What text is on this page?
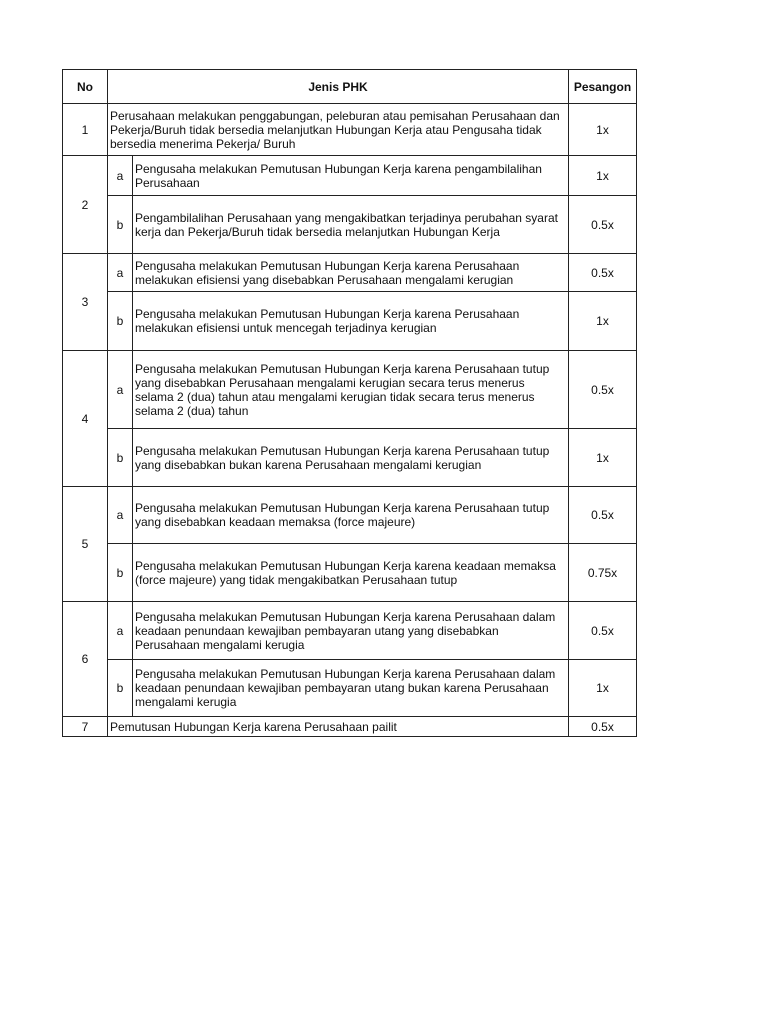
No	Jenis PHK		Pesangon
1	Perusahaan melakukan penggabungan, peleburan atau pemisahan Perusahaan dan Pekerja/Buruh tidak bersedia melanjutkan Hubungan Kerja atau Pengusaha tidak bersedia menerima Pekerja/ Buruh		1x
2	a	Pengusaha melakukan Pemutusan Hubungan Kerja karena pengambilalihan Perusahaan	1x
	b	Pengambilalihan Perusahaan yang mengakibatkan terjadinya perubahan syarat kerja dan Pekerja/Buruh tidak bersedia melanjutkan Hubungan Kerja	0.5x
3	a	Pengusaha melakukan Pemutusan Hubungan Kerja karena Perusahaan melakukan efisiensi yang disebabkan Perusahaan mengalami kerugian	0.5x
	b	Pengusaha melakukan Pemutusan Hubungan Kerja karena Perusahaan melakukan efisiensi untuk mencegah terjadinya kerugian	1x
4	a	Pengusaha melakukan Pemutusan Hubungan Kerja karena Perusahaan tutup yang disebabkan Perusahaan mengalami kerugian secara terus menerus selama 2 (dua) tahun atau mengalami kerugian tidak secara terus menerus selama 2 (dua) tahun	0.5x
	b	Pengusaha melakukan Pemutusan Hubungan Kerja karena Perusahaan tutup yang disebabkan bukan karena Perusahaan mengalami kerugian	1x
5	a	Pengusaha melakukan Pemutusan Hubungan Kerja karena Perusahaan tutup yang disebabkan keadaan memaksa (force majeure)	0.5x
	b	Pengusaha melakukan Pemutusan Hubungan Kerja karena keadaan memaksa (force majeure) yang tidak mengakibatkan Perusahaan tutup	0.75x
6	a	Pengusaha melakukan Pemutusan Hubungan Kerja karena Perusahaan dalam keadaan penundaan kewajiban pembayaran utang yang disebabkan Perusahaan mengalami kerugia	0.5x
	b	Pengusaha melakukan Pemutusan Hubungan Kerja karena Perusahaan dalam keadaan penundaan kewajiban pembayaran utang bukan karena Perusahaan mengalami kerugia	1x
7	Pemutusan Hubungan Kerja karena Perusahaan pailit		0.5x
